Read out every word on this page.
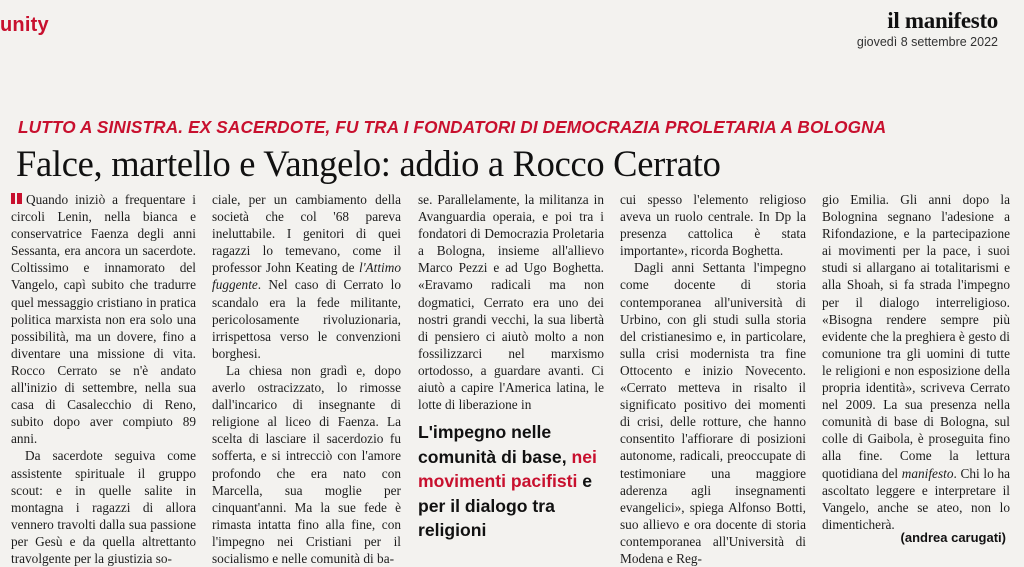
unity	il manifesto
giovedì 8 settembre 2022
LUTTO A SINISTRA. EX SACERDOTE, FU TRA I FONDATORI DI DEMOCRAZIA PROLETARIA A BOLOGNA
Falce, martello e Vangelo: addio a Rocco Cerrato

Quando iniziò a frequentare i circoli Lenin, nella bianca e conservatrice Faenza degli anni Sessanta, era ancora un sacerdote. Coltissimo e innamorato del Vangelo, capì subito che tradurre quel messaggio cristiano in pratica politica marxista non era solo una possibilità, ma un dovere, fino a diventare una missione di vita. Rocco Cerrato se n'è andato all'inizio di settembre, nella sua casa di Casalecchio di Reno, subito dopo aver compiuto 89 anni.

Da sacerdote seguiva come assistente spirituale il gruppo scout: e in quelle salite in montagna i ragazzi di allora vennero travolti dalla sua passione per Gesù e da quella altrettanto travolgente per la giustizia so-

ciale, per un cambiamento della società che col '68 pareva ineluttabile. I genitori di quei ragazzi lo temevano, come il professor John Keating de l'Attimo fuggente. Nel caso di Cerrato lo scandalo era la fede militante, pericolosamente rivoluzionaria, irrispettosa verso le convenzioni borghesi.

La chiesa non gradì e, dopo averlo ostracizzato, lo rimosse dall'incarico di insegnante di religione al liceo di Faenza. La scelta di lasciare il sacerdozio fu sofferta, e si intrecciò con l'amore profondo che era nato con Marcella, sua moglie per cinquant'anni. Ma la sue fede è rimasta intatta fino alla fine, con l'impegno nei Cristiani per il socialismo e nelle comunità di ba-

se. Parallelamente, la militanza in Avanguardia operaia, e poi tra i fondatori di Democrazia Proletaria a Bologna, insieme all'allievo Marco Pezzi e ad Ugo Boghetta. «Eravamo radicali ma non dogmatici, Cerrato era uno dei nostri grandi vecchi, la sua libertà di pensiero ci aiutò molto a non fossilizzarci nel marxismo ortodosso, a guardare avanti. Ci aiutò a capire l'America latina, le lotte di liberazione in

L'impegno nelle comunità di base, nei movimenti pacifisti e per il dialogo tra religioni

cui spesso l'elemento religioso aveva un ruolo centrale. In Dp la presenza cattolica è stata importante», ricorda Boghetta.

Dagli anni Settanta l'impegno come docente di storia contemporanea all'università di Urbino, con gli studi sulla storia del cristianesimo e, in particolare, sulla crisi modernista tra fine Ottocento e inizio Novecento. «Cerrato metteva in risalto il significato positivo dei momenti di crisi, delle rotture, che hanno consentito l'affiorare di posizioni autonome, radicali, preoccupate di testimoniare una maggiore aderenza agli insegnamenti evangelici», spiega Alfonso Botti, suo allievo e ora docente di storia contemporanea all'Università di Modena e Reg-

gio Emilia. Gli anni dopo la Bolognina segnano l'adesione a Rifondazione, e la partecipazione ai movimenti per la pace, i suoi studi si allargano ai totalitarismi e alla Shoah, si fa strada l'impegno per il dialogo interreligioso. «Bisogna rendere sempre più evidente che la preghiera è gesto di comunione tra gli uomini di tutte le religioni e non esposizione della propria identità», scriveva Cerrato nel 2009. La sua presenza nella comunità di base di Bologna, sul colle di Gaibola, è proseguita fino alla fine. Come la lettura quotidiana del manifesto. Chi lo ha ascoltato leggere e interpretare il Vangelo, anche se ateo, non lo dimenticherà.

(andrea carugati)
